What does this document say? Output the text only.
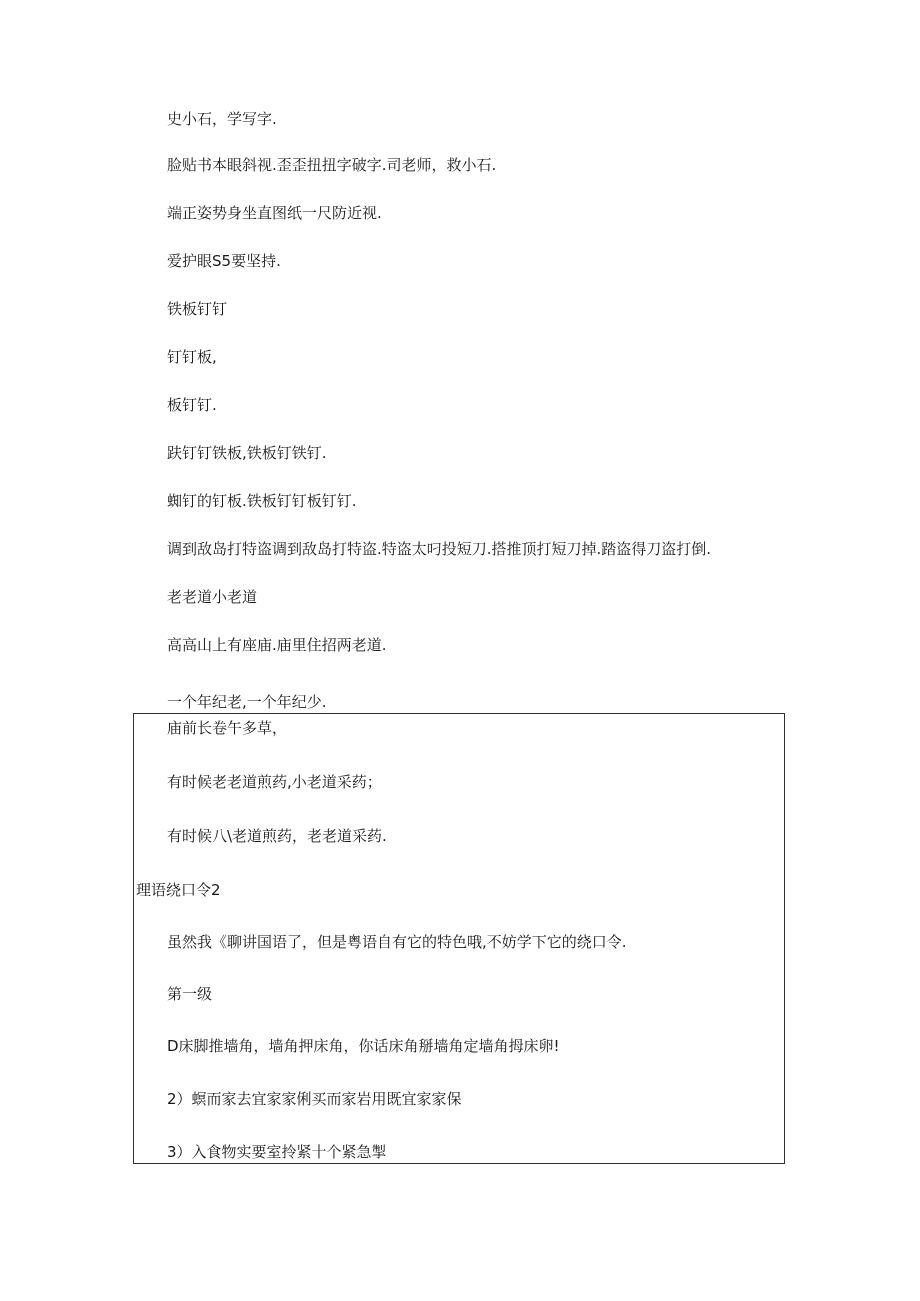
史小石，学写字.
脸贴书本眼斜视.歪歪扭扭字破字.司老师，救小石.
端正姿势身坐直图纸一尺防近视.
爱护眼S5要坚持.
铁板钉钉
钉钉板,
板钉钉.
趺钉钉铁板,铁板钉铁钉.
蜘钉的钉板.铁板钉钉板钉钉.
调到敌岛打特盗调到敌岛打特盗.特盗太叼投短刀.搭推顶打短刀掉.踏盗得刀盗打倒.
老老道小老道
高高山上有座庙.庙里住招两老道.
一个年纪老,一个年纪少.
庙前长卷午多草，
有时候老老道煎药,小老道采药；
有时候八\老道煎药，老老道采药.
理语绕口令2
虽然我《聊讲国语了，但是粤语自有它的特色哦,不妨学下它的绕口令.
第一级
D床脚推墙角，墙角押床角，你话床角掰墙角定墙角拇床卵!
2）螟而家去宜家家俐买而家岩用既宜家家保
3）入食物实要室拎紧十个紧急掣
